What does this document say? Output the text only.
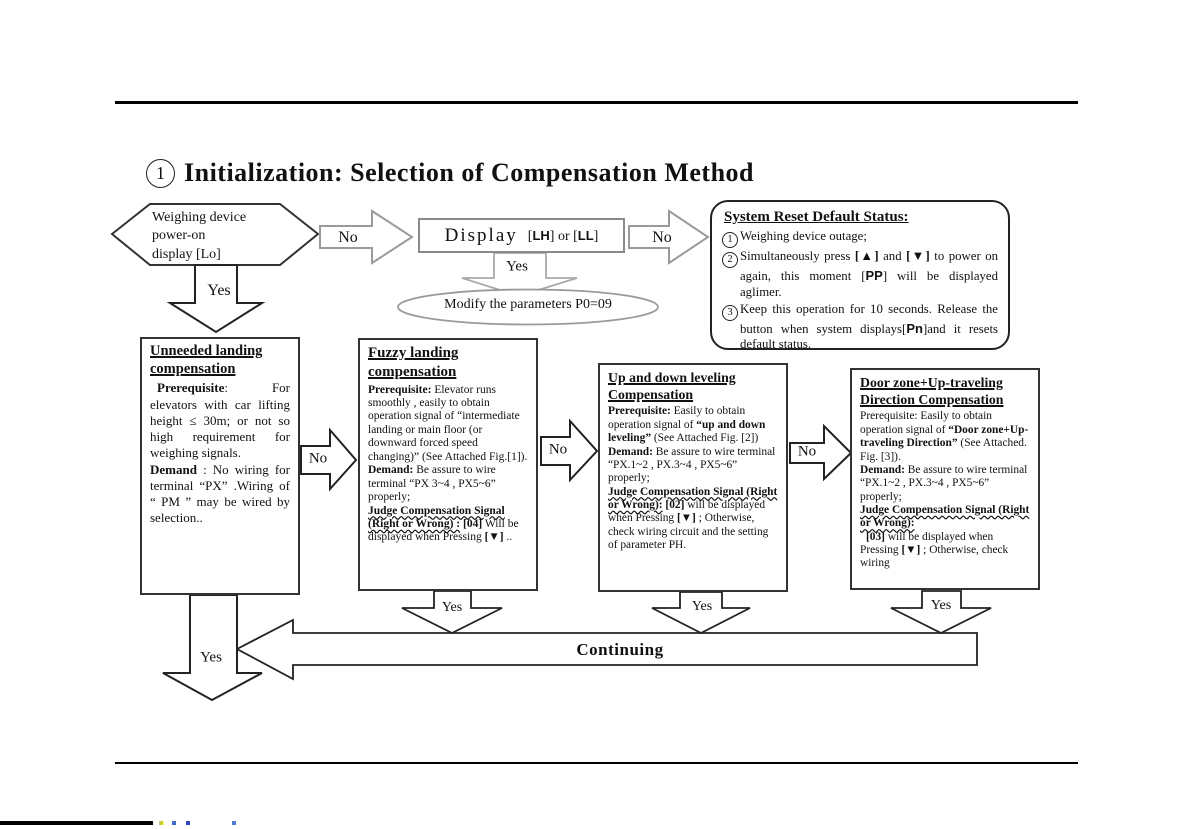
1 Initialization: Selection of Compensation Method
Weighing device
power-on
display [Lo]
Display [LH] or [LL]
System Reset Default Status:
1 Weighing device outage;
2 Simultaneously press [▲] and [▼] to power on again, this moment [PP] will be displayed aglimer.
3 Keep this operation for 10 seconds. Release the button when system displays[Pn]and it resets default status.
Modify the parameters P0=09

Unneeded landing compensation

Prerequisite: For elevators with car lifting height ≤ 30m; or not so high requirement for weighing signals.

Demand : No wiring for terminal “PX” .Wiring of “ PM ” may be wired by selection..

Fuzzy landing compensation

Prerequisite: Elevator runs smoothly , easily to obtain operation signal of “intermediate landing or main floor (or downward forced speed changing)” (See Attached Fig.[1]).

Demand: Be assure to wire terminal “PX 3~4 , PX5~6” properly;

Judge Compensation Signal (Right or Wrong) : [04] Will be displayed when Pressing [▼] ..

Up and down leveling Compensation

Prerequisite: Easily to obtain operation signal of “up and down leveling” (See Attached Fig. [2])

Demand: Be assure to wire terminal “PX.1~2 , PX.3~4 , PX5~6” properly;

Judge Compensation Signal (Right or Wrong): [02] will be displayed when Pressing [▼] ; Otherwise, check wiring circuit and the setting of parameter PH.

Door zone+Up-traveling Direction Compensation

Prerequisite: Easily to obtain operation signal of “Door zone+Up-traveling Direction” (See Attached. Fig. [3]).

Demand: Be assure to wire terminal “PX.1~2 , PX.3~4 , PX5~6” properly;

Judge Compensation Signal (Right or Wrong):

[03] will be displayed when Pressing [▼] ; Otherwise, check wiring

No	No
Yes
Yes
No
No	No
Yes	Yes	Yes
Continuing
Yes
